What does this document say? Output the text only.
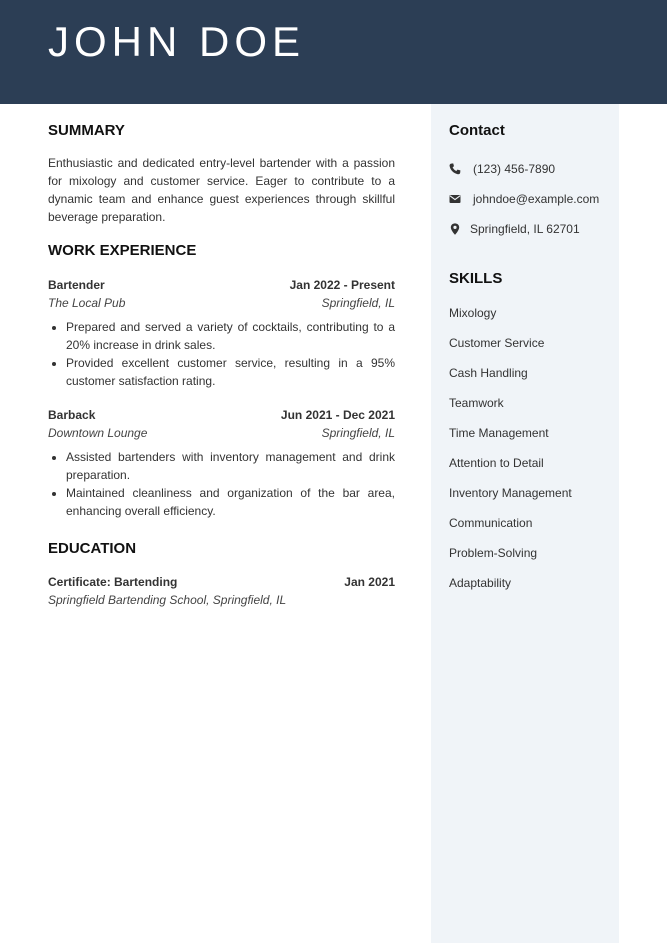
JOHN DOE
Contact
(123) 456-7890
johndoe@example.com
Springfield, IL 62701
SKILLS
Mixology
Customer Service
Cash Handling
Teamwork
Time Management
Attention to Detail
Inventory Management
Communication
Problem-Solving
Adaptability
SUMMARY
Enthusiastic and dedicated entry-level bartender with a passion for mixology and customer service. Eager to contribute to a dynamic team and enhance guest experiences through skillful beverage preparation.
WORK EXPERIENCE
Bartender	Jan 2022 - Present
The Local Pub	Springfield, IL
• Prepared and served a variety of cocktails, contributing to a 20% increase in drink sales.
• Provided excellent customer service, resulting in a 95% customer satisfaction rating.
Barback	Jun 2021 - Dec 2021
Downtown Lounge	Springfield, IL
• Assisted bartenders with inventory management and drink preparation.
• Maintained cleanliness and organization of the bar area, enhancing overall efficiency.
EDUCATION
Certificate: Bartending	Jan 2021
Springfield Bartending School, Springfield, IL
